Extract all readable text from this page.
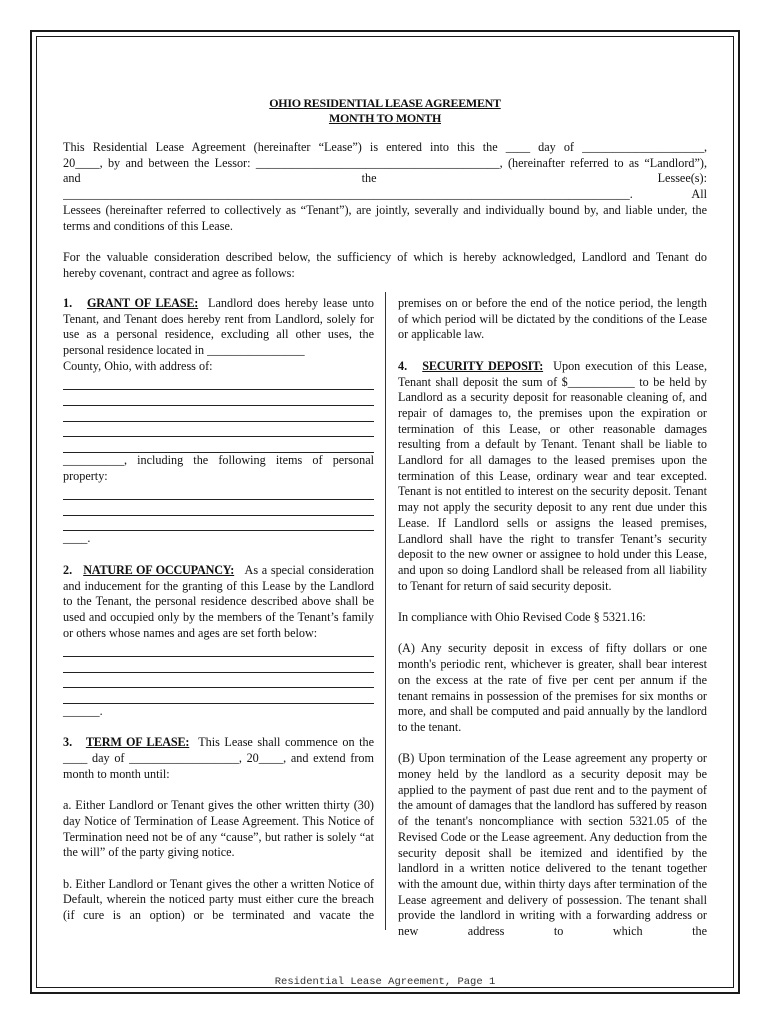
OHIO RESIDENTIAL LEASE AGREEMENT
MONTH TO MONTH

This Residential Lease Agreement (hereinafter “Lease”) is entered into this the ____ day of ____________________,

20____, by and between the Lessor: ________________________________________, (hereinafter referred to as “Landlord”),

and	the	Lessee(s):
_____________________________________________________________________________________________.	All

Lessees (hereinafter referred to collectively as “Tenant”), are jointly, severally and individually bound by, and liable under, the

terms and conditions of this Lease.

For the valuable consideration described below, the sufficiency of which is hereby acknowledged, Landlord and Tenant do

hereby covenant, contract and agree as follows:

1. GRANT OF LEASE: Landlord does hereby lease unto Tenant, and Tenant does hereby rent from Landlord, solely for use as a personal residence, excluding all other uses, the personal residence located in ________________

County, Ohio, with address of:

__________, including the following items of personal

property:

____.

2. NATURE OF OCCUPANCY: As a special consideration and inducement for the granting of this Lease by the Landlord to the Tenant, the personal residence described above shall be used and occupied only by the members of the Tenant’s family or others whose names and ages are set forth below:

______.

3. TERM OF LEASE: This Lease shall commence on the ____ day of __________________, 20____, and extend from month to month until:

a. Either Landlord or Tenant gives the other written thirty (30) day Notice of Termination of Lease Agreement. This Notice of Termination need not be of any “cause”, but rather is solely “at the will” of the party giving notice.

b. Either Landlord or Tenant gives the other a written Notice of Default, wherein the noticed party must either cure the breach (if cure is an option) or be terminated and vacate the

premises on or before the end of the notice period, the length of which period will be dictated by the conditions of the Lease or applicable law.

4. SECURITY DEPOSIT: Upon execution of this Lease, Tenant shall deposit the sum of $___________ to be held by Landlord as a security deposit for reasonable cleaning of, and repair of damages to, the premises upon the expiration or termination of this Lease, or other reasonable damages resulting from a default by Tenant. Tenant shall be liable to Landlord for all damages to the leased premises upon the termination of this Lease, ordinary wear and tear excepted. Tenant is not entitled to interest on the security deposit. Tenant may not apply the security deposit to any rent due under this Lease. If Landlord sells or assigns the leased premises, Landlord shall have the right to transfer Tenant’s security deposit to the new owner or assignee to hold under this Lease, and upon so doing Landlord shall be released from all liability to Tenant for return of said security deposit.

In compliance with Ohio Revised Code § 5321.16:

(A) Any security deposit in excess of fifty dollars or one month's periodic rent, whichever is greater, shall bear interest on the excess at the rate of five per cent per annum if the tenant remains in possession of the premises for six months or more, and shall be computed and paid annually by the landlord to the tenant.

(B) Upon termination of the Lease agreement any property or money held by the landlord as a security deposit may be applied to the payment of past due rent and to the payment of the amount of damages that the landlord has suffered by reason of the tenant's noncompliance with section 5321.05 of the Revised Code or the Lease agreement. Any deduction from the security deposit shall be itemized and identified by the landlord in a written notice delivered to the tenant together with the amount due, within thirty days after termination of the Lease agreement and delivery of possession. The tenant shall provide the landlord in writing with a forwarding address or new address to which the

Residential Lease Agreement, Page 1
